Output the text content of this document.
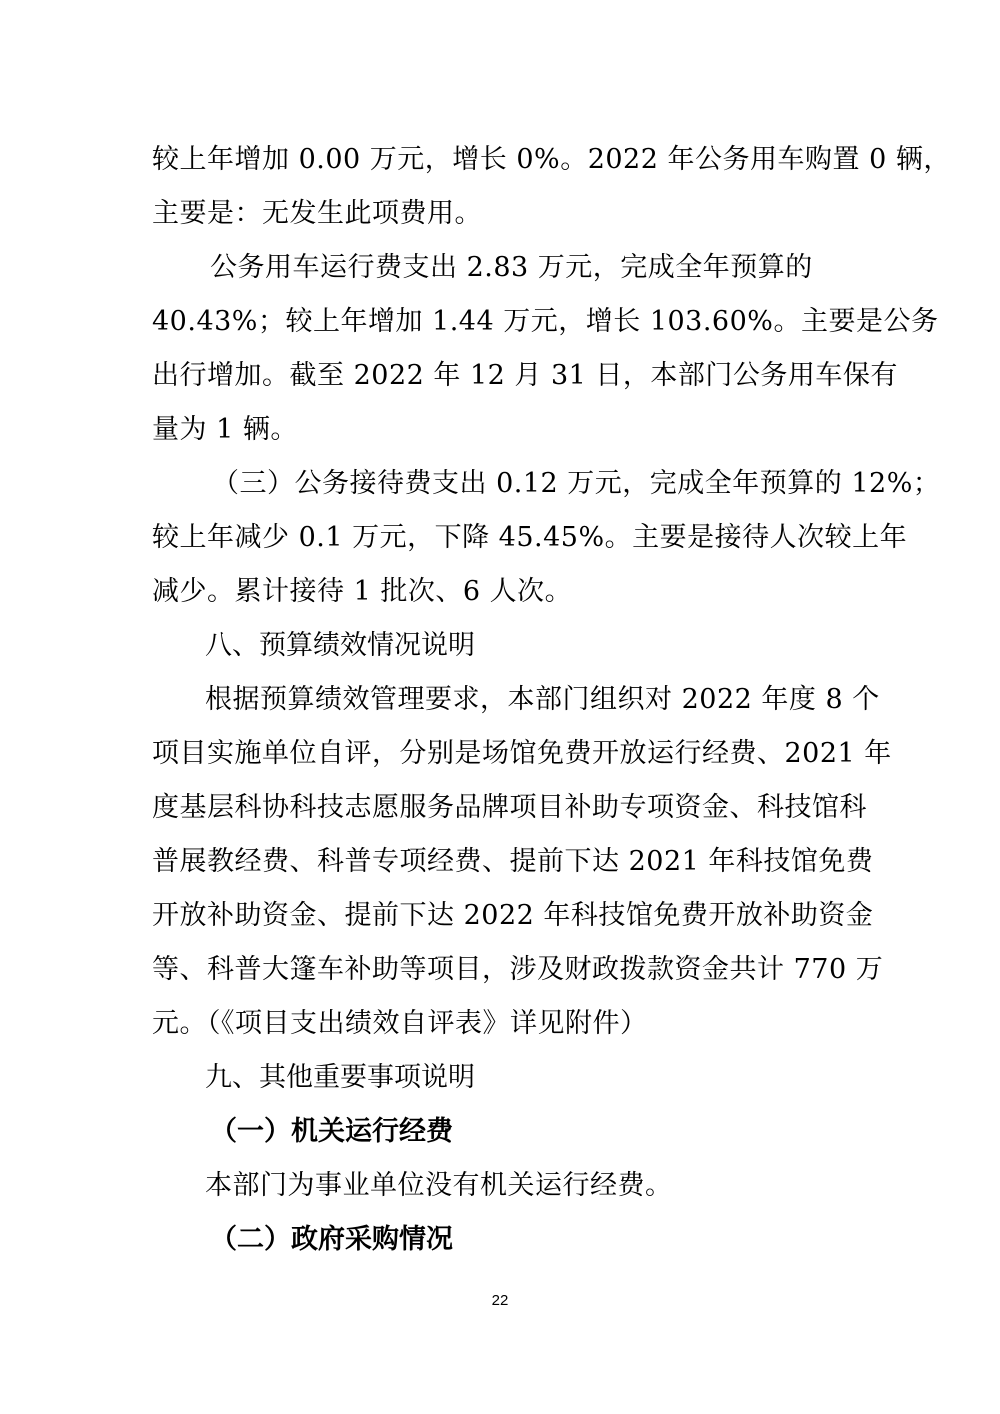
较上年增加 0.00 万元，增长 0%。2022 年公务用车购置 0 辆，
主要是：无发生此项费用。
公务用车运行费支出 2.83 万元，完成全年预算的
40.43%；较上年增加 1.44 万元，增长 103.60%。主要是公务
出行增加。截至 2022 年 12 月 31 日，本部门公务用车保有
量为 1 辆。
（三）公务接待费支出 0.12 万元，完成全年预算的 12%；
较上年减少 0.1 万元，下降 45.45%。主要是接待人次较上年
减少。累计接待 1 批次、6 人次。
八、预算绩效情况说明
根据预算绩效管理要求，本部门组织对 2022 年度 8 个
项目实施单位自评，分别是场馆免费开放运行经费、2021 年
度基层科协科技志愿服务品牌项目补助专项资金、科技馆科
普展教经费、科普专项经费、提前下达 2021 年科技馆免费
开放补助资金、提前下达 2022 年科技馆免费开放补助资金
等、科普大篷车补助等项目，涉及财政拨款资金共计 770 万
元。（《项目支出绩效自评表》详见附件）
九、其他重要事项说明
（一）机关运行经费
本部门为事业单位没有机关运行经费。
（二）政府采购情况
22
